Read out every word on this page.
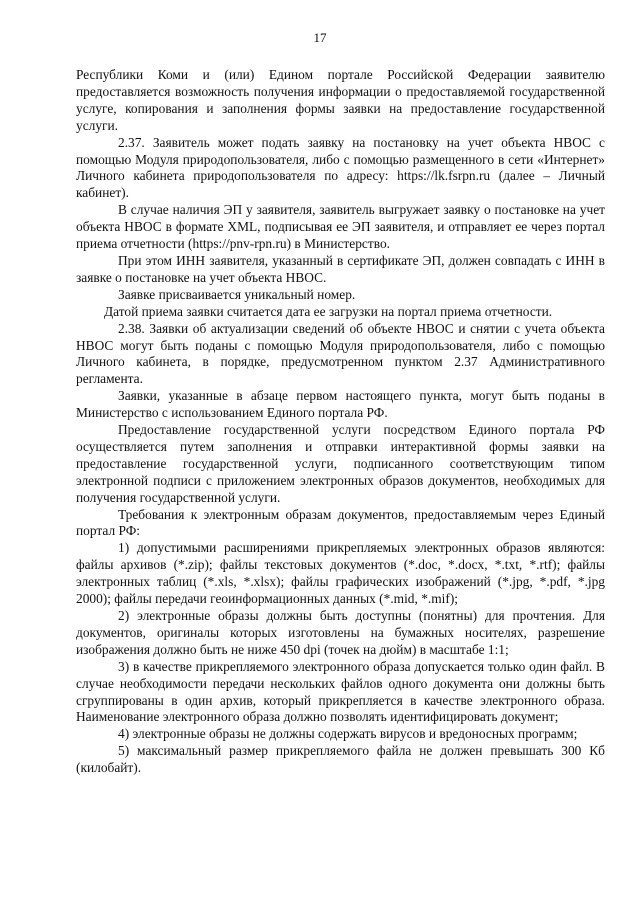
17

Республики Коми и (или) Едином портале Российской Федерации заявителю предоставляется возможность получения информации о предоставляемой государственной услуге, копирования и заполнения формы заявки на предоставление государственной услуги.

2.37. Заявитель может подать заявку на постановку на учет объекта НВОС с помощью Модуля природопользователя, либо с помощью размещенного в сети «Интернет» Личного кабинета природопользователя по адресу: https://lk.fsrpn.ru (далее – Личный кабинет).

В случае наличия ЭП у заявителя, заявитель выгружает заявку о постановке на учет объекта НВОС в формате XML, подписывая ее ЭП заявителя, и отправляет ее через портал приема отчетности (https://pnv-rpn.ru) в Министерство.

При этом ИНН заявителя, указанный в сертификате ЭП, должен совпадать с ИНН в заявке о постановке на учет объекта НВОС.

Заявке присваивается уникальный номер.

Датой приема заявки считается дата ее загрузки на портал приема отчетности.

2.38. Заявки об актуализации сведений об объекте НВОС и снятии с учета объекта НВОС могут быть поданы с помощью Модуля природопользователя, либо с помощью Личного кабинета, в порядке, предусмотренном пунктом 2.37 Административного регламента.

Заявки, указанные в абзаце первом настоящего пункта, могут быть поданы в Министерство с использованием Единого портала РФ.

Предоставление государственной услуги посредством Единого портала РФ осуществляется путем заполнения и отправки интерактивной формы заявки на предоставление государственной услуги, подписанного соответствующим типом электронной подписи с приложением электронных образов документов, необходимых для получения государственной услуги.

Требования к электронным образам документов, предоставляемым через Единый портал РФ:

1) допустимыми расширениями прикрепляемых электронных образов являются: файлы архивов (*.zip); файлы текстовых документов (*.doc, *.docx, *.txt, *.rtf); файлы электронных таблиц (*.xls, *.xlsx); файлы графических изображений (*.jpg, *.pdf, *.jpg 2000); файлы передачи геоинформационных данных (*.mid, *.mif);

2) электронные образы должны быть доступны (понятны) для прочтения. Для документов, оригиналы которых изготовлены на бумажных носителях, разрешение изображения должно быть не ниже 450 dpi (точек на дюйм) в масштабе 1:1;

3) в качестве прикрепляемого электронного образа допускается только один файл. В случае необходимости передачи нескольких файлов одного документа они должны быть сгруппированы в один архив, который прикрепляется в качестве электронного образа. Наименование электронного образа должно позволять идентифицировать документ;

4) электронные образы не должны содержать вирусов и вредоносных программ;

5) максимальный размер прикрепляемого файла не должен превышать 300 Кб (килобайт).
